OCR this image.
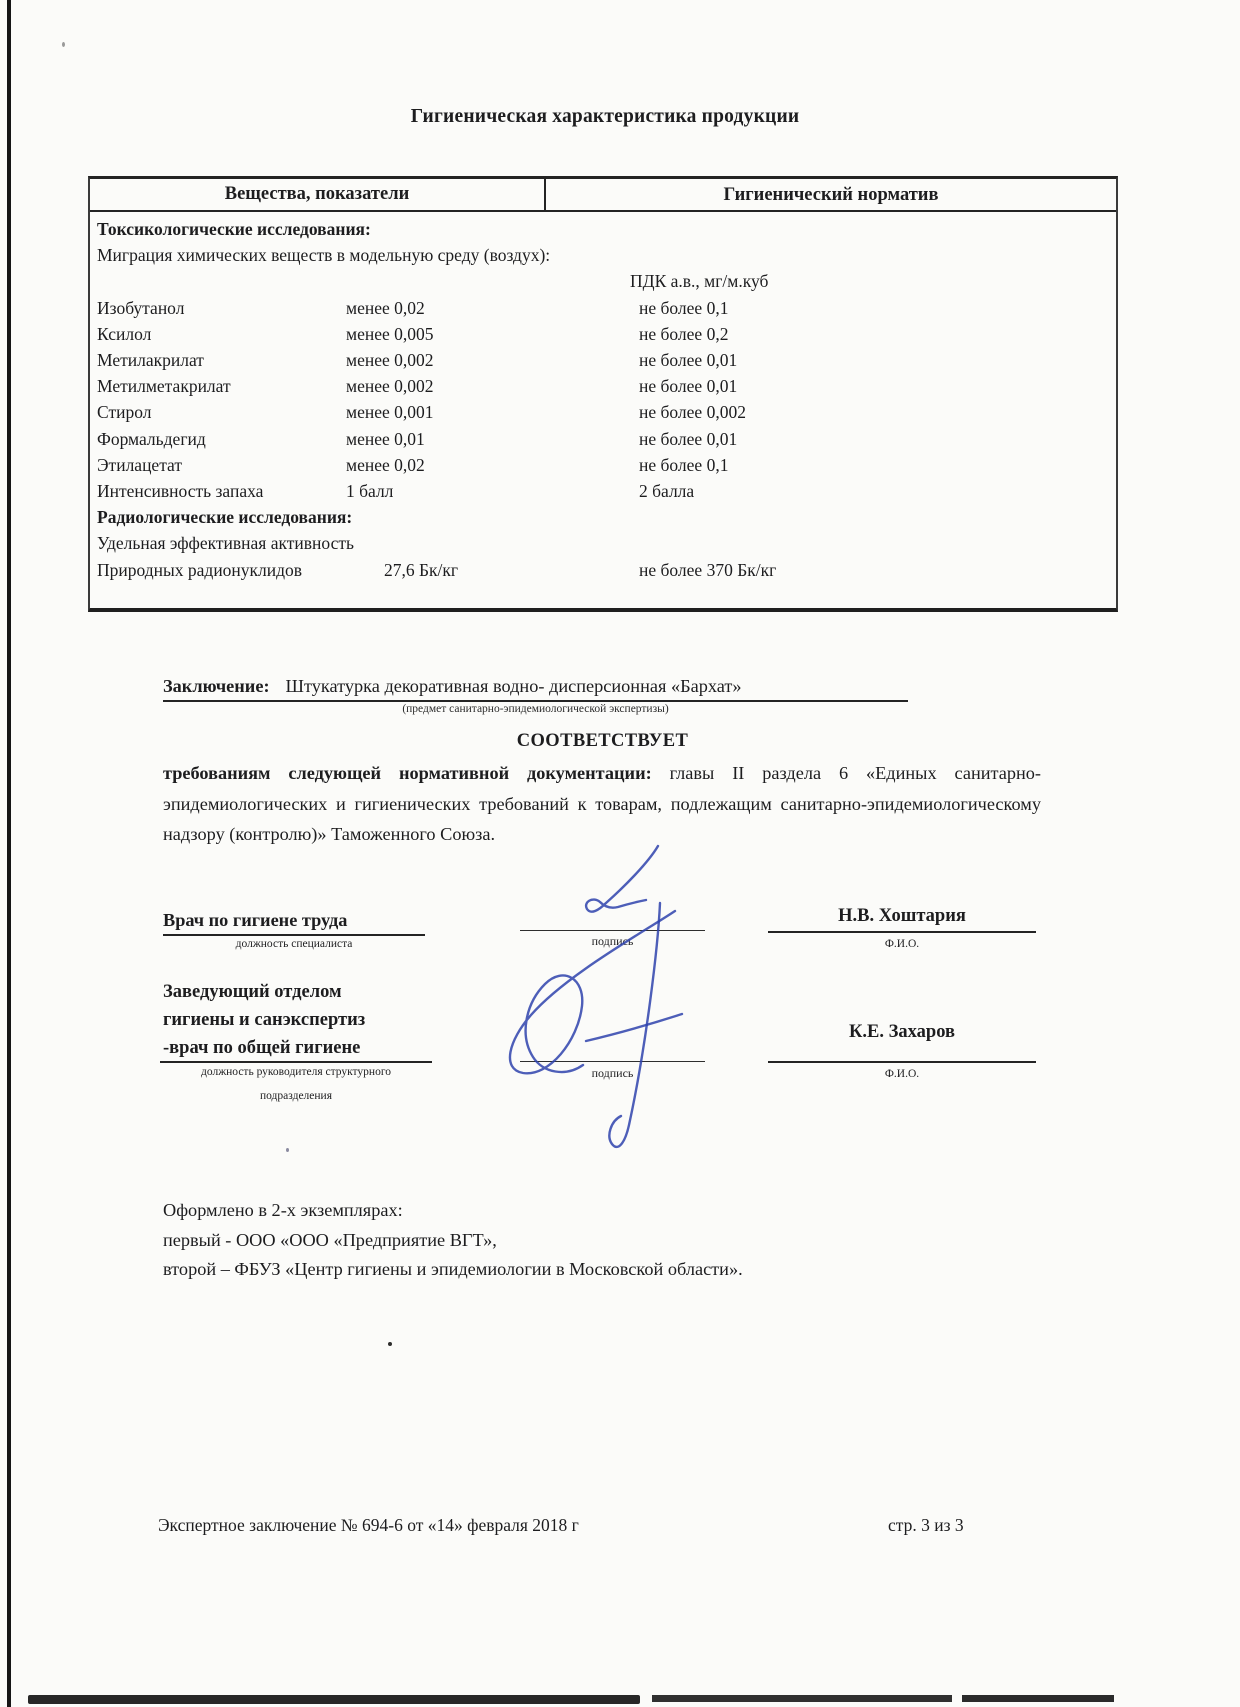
Гигиеническая характеристика продукции
Вещества, показатели	Гигиенический норматив
Токсикологические исследования:
Миграция химических веществ в модельную среду (воздух):
ПДК а.в., мг/м.куб
Изобутанол	менее 0,02	не более 0,1
Ксилол	менее 0,005	не более 0,2
Метилакрилат	менее 0,002	не более 0,01
Метилметакрилат	менее 0,002	не более 0,01
Стирол	менее 0,001	не более 0,002
Формальдегид	менее 0,01	не более 0,01
Этилацетат	менее 0,02	не более 0,1
Интенсивность запаха	1 балл	2 балла
Радиологические исследования:
Удельная эффективная активность
Природных радионуклидов	27,6 Бк/кг	не более 370 Бк/кг
Заключение: Штукатурка декоративная водно- дисперсионная «Бархат»
(предмет санитарно-эпидемиологической экспертизы)
СООТВЕТСТВУЕТ
требованиям следующей нормативной документации: главы II раздела 6 «Единых санитарно-эпидемиологических и гигиенических требований к товарам, подлежащим санитарно-эпидемиологическому надзору (контролю)» Таможенного Союза.
Врач по гигиене труда
должность специалиста	подпись
Н.В. Хоштария
Ф.И.О.
Заведующий отделом
гигиены и санэкспертиз
-врач по общей гигиене
должность руководителя структурного
подразделения
подпись
К.Е. Захаров
Ф.И.О.
Оформлено в 2-х экземплярах:
первый - ООО «ООО «Предприятие ВГТ»,
второй – ФБУЗ «Центр гигиены и эпидемиологии в Московской области».
Экспертное заключение № 694-6 от «14» февраля 2018 г	стр. 3 из 3
